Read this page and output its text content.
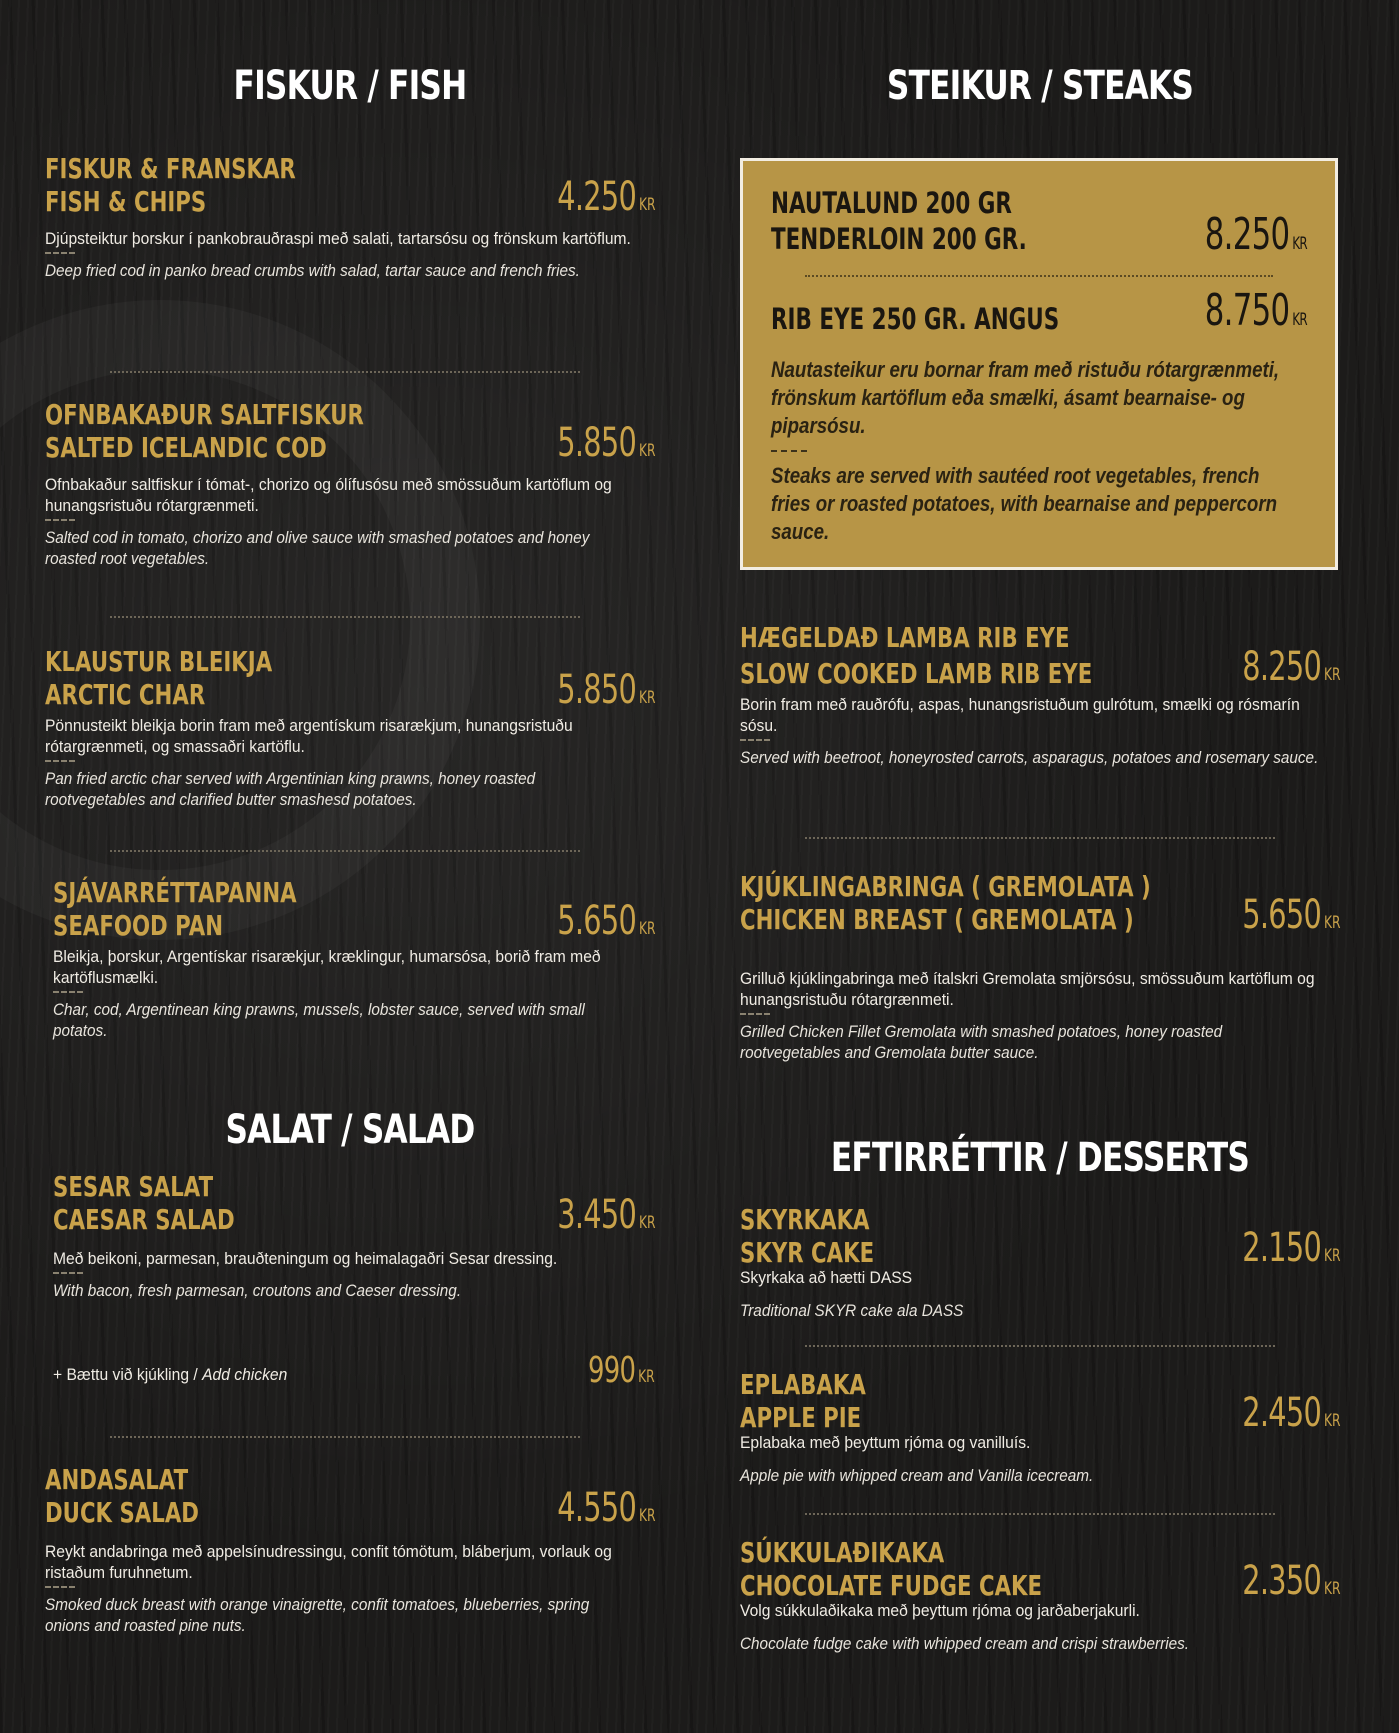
FISKUR / FISH
FISKUR & FRANSKAR
FISH & CHIPS	4.250 KR
Djúpsteiktur þorskur í pankobrauðraspi með salati, tartarsósu og frönskum kartöflum.
Deep fried cod in panko bread crumbs with salad, tartar sauce and french fries.
OFNBAKAÐUR SALTFISKUR
SALTED ICELANDIC COD	5.850 KR
Ofnbakaður saltfiskur í tómat-, chorizo og ólífusósu með smössuðum kartöflum og hunangsristuðu rótargrænmeti.
Salted cod in tomato, chorizo and olive sauce with smashed potatoes and honey roasted root vegetables.
KLAUSTUR BLEIKJA
ARCTIC CHAR	5.850 KR
Pönnusteikt bleikja borin fram með argentískum risarækjum, hunangsristuðu rótargrænmeti, og smassaðri kartöflu.
Pan fried arctic char served with Argentinian king prawns, honey roasted rootvegetables and clarified butter smashesd potatoes.
SJÁVARRÉTTAPANNA
SEAFOOD PAN	5.650 KR
Bleikja, þorskur, Argentískar risarækjur, kræklingur, humarsósa, borið fram með kartöflusmælki.
Char, cod, Argentinean king prawns, mussels, lobster sauce, served with small potatos.
SALAT / SALAD
SESAR SALAT
CAESAR SALAD	3.450 KR
Með beikoni, parmesan, brauðteningum og heimalagaðri Sesar dressing.
With bacon, fresh parmesan, croutons and Caeser dressing.
+ Bættu við kjúkling / Add chicken	990 KR
ANDASALAT
DUCK SALAD	4.550 KR
Reykt andabringa með appelsínudressingu, confit tómötum, bláberjum, vorlauk og ristaðum furuhnetum.
Smoked duck breast with orange vinaigrette, confit tomatoes, blueberries, spring onions and roasted pine nuts.
STEIKUR / STEAKS
NAUTALUND 200 GR
TENDERLOIN 200 GR.	8.250 KR
RIB EYE 250 GR. ANGUS	8.750 KR
Nautasteikur eru bornar fram með ristuðu rótargrænmeti, frönskum kartöflum eða smælki, ásamt bearnaise- og piparsósu.
Steaks are served with sautéed root vegetables, french fries or roasted potatoes, with bearnaise and peppercorn sauce.
HÆGELDAÐ LAMBA RIB EYE
SLOW COOKED LAMB RIB EYE	8.250 KR
Borin fram með rauðrófu, aspas, hunangsristuðum gulrótum, smælki og rósmarín sósu.
Served with beetroot, honeyrosted carrots, asparagus, potatoes and rosemary sauce.
KJÚKLINGABRINGA ( GREMOLATA )
CHICKEN BREAST ( GREMOLATA )	5.650 KR
Grilluð kjúklingabringa með ítalskri Gremolata smjörsósu, smössuðum kartöflum og hunangsristuðu rótargrænmeti.
Grilled Chicken Fillet Gremolata with smashed potatoes, honey roasted rootvegetables and Gremolata butter sauce.
EFTIRRÉTTIR / DESSERTS
SKYRKAKA
SKYR CAKE	2.150 KR
Skyrkaka að hætti DASS
Traditional SKYR cake ala DASS
EPLABAKA
APPLE PIE	2.450 KR
Eplabaka með þeyttum rjóma og vanilluís.
Apple pie with whipped cream and Vanilla icecream.
SÚKKULAÐIKAKA
CHOCOLATE FUDGE CAKE	2.350 KR
Volg súkkulaðikaka með þeyttum rjóma og jarðaberjakurli.
Chocolate fudge cake with whipped cream and crispi strawberries.
